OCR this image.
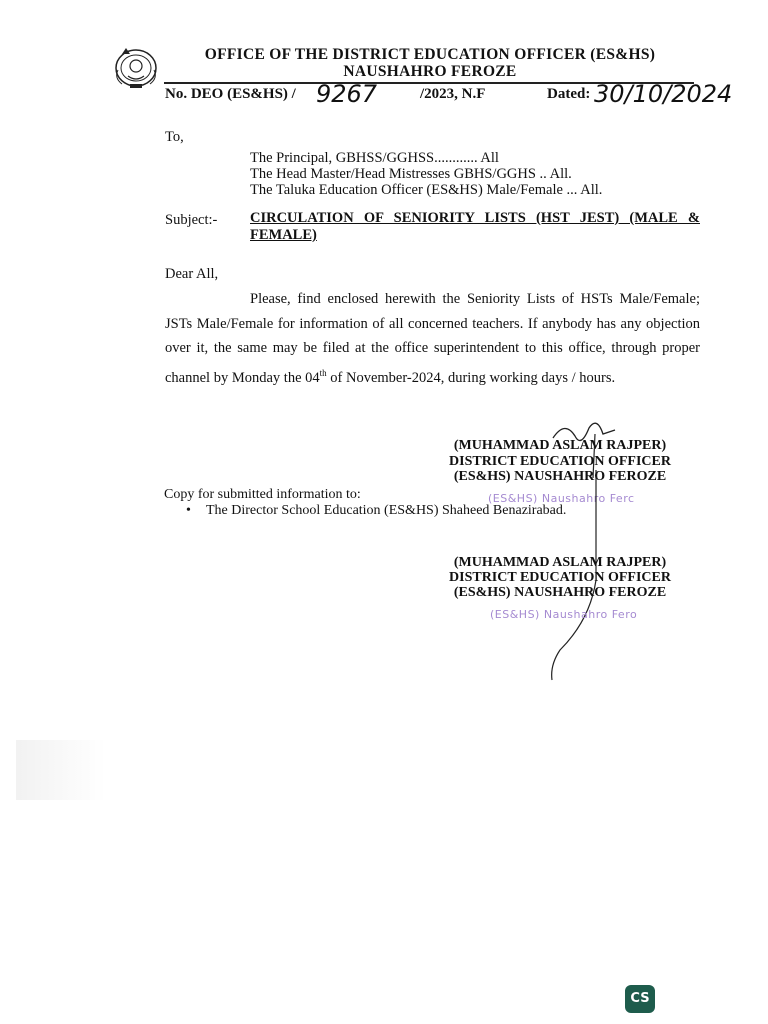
OFFICE OF THE DISTRICT EDUCATION OFFICER (ES&HS)
NAUSHAHRO FEROZE
No. DEO (ES&HS) / 9267	/2023, N.F	Dated: 30/10/2024
To,
The Principal, GBHSS/GGHSS............ All
The Head Master/Head Mistresses GBHS/GGHS .. All.
The Taluka Education Officer (ES&HS) Male/Female ... All.
Subject:- CIRCULATION OF SENIORITY LISTS (HST JEST) (MALE & FEMALE)
Dear All,
Please, find enclosed herewith the Seniority Lists of HSTs Male/Female; JSTs Male/Female for information of all concerned teachers. If anybody has any objection over it, the same may be filed at the office superintendent to this office, through proper channel by Monday the 04th of November-2024, during working days / hours.
(MUHAMMAD ASLAM RAJPER)
DISTRICT EDUCATION OFFICER
(ES&HS) NAUSHAHRO FEROZE
(ES&HS) Naushahro Ferc
Copy for submitted information to:
• The Director School Education (ES&HS) Shaheed Benazirabad.
(MUHAMMAD ASLAM RAJPER)
DISTRICT EDUCATION OFFICER
(ES&HS) NAUSHAHRO FEROZE
(ES&HS) Naushahro Fero
CS
